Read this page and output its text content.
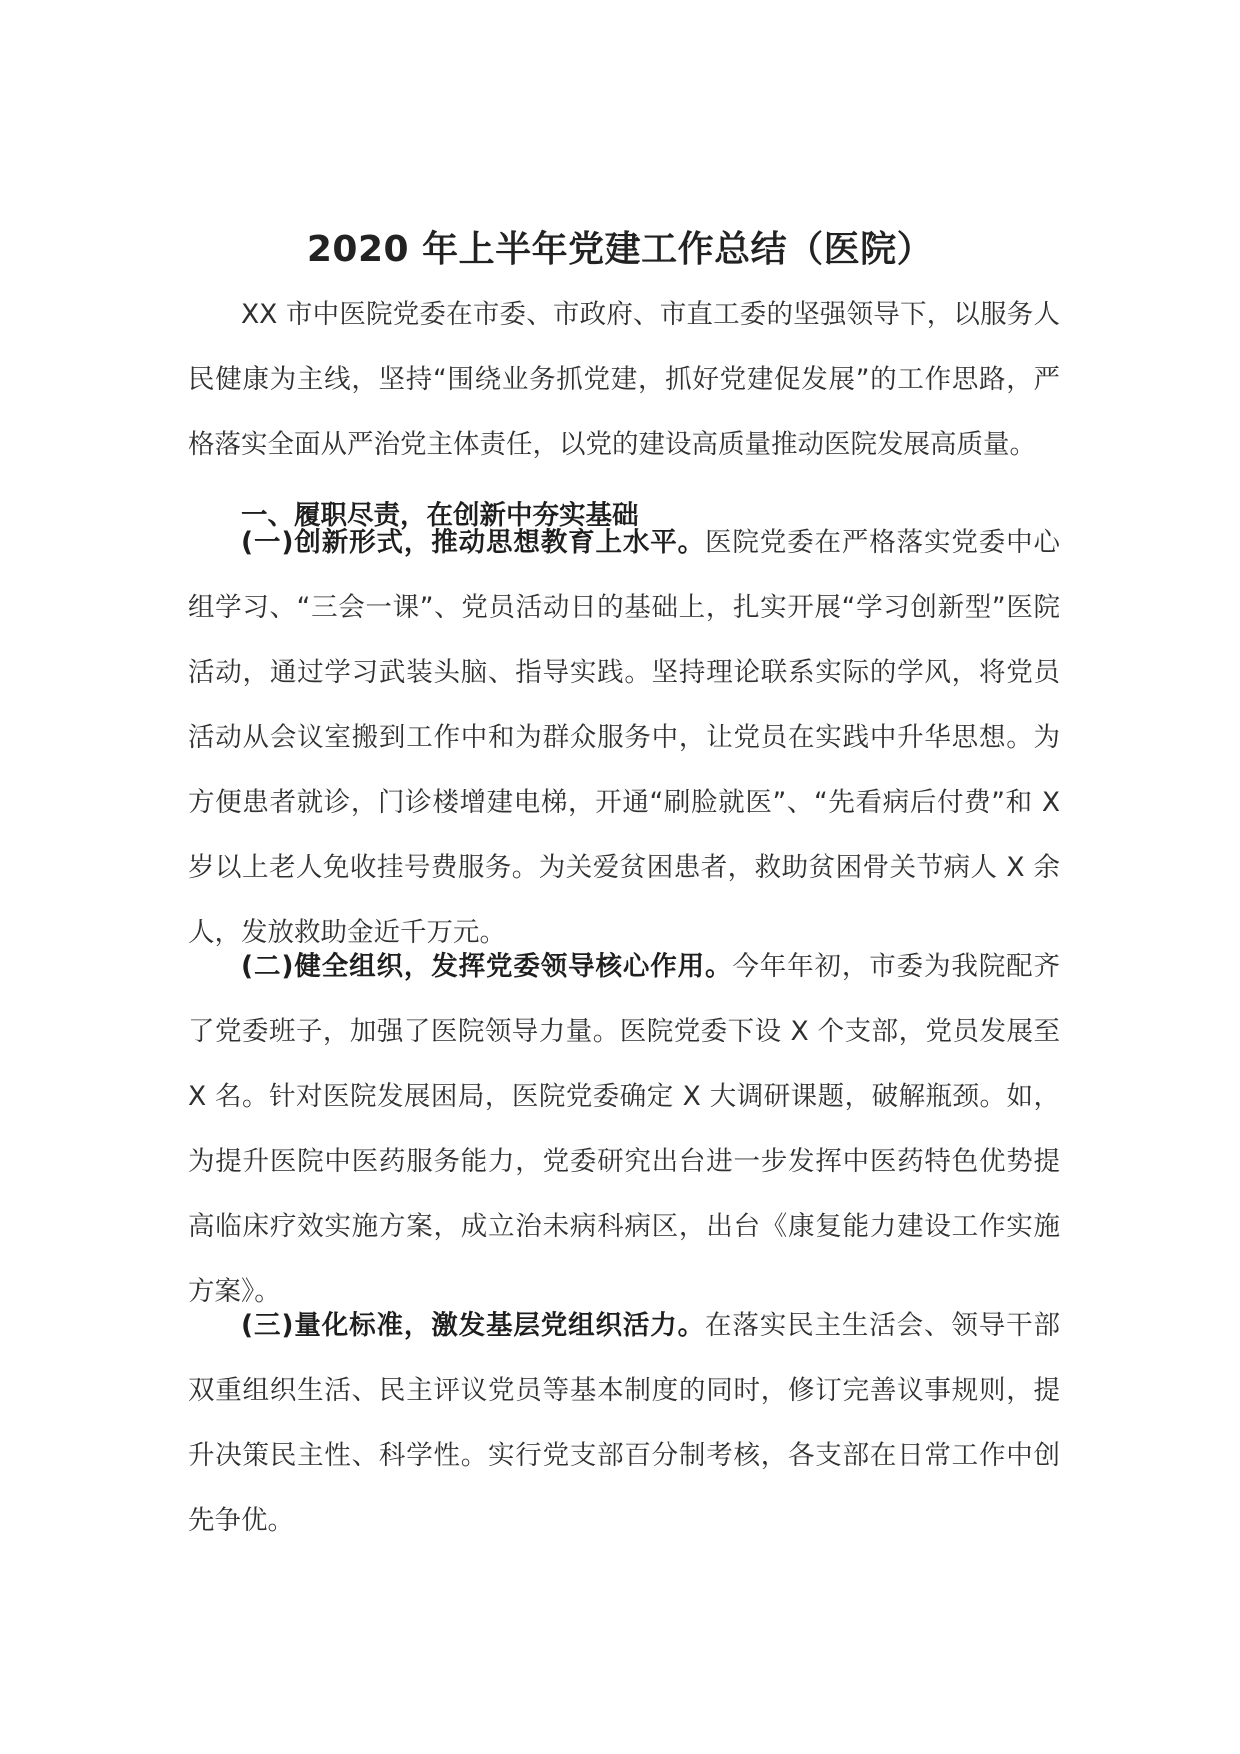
2020 年上半年党建工作总结（医院）

XX 市中医院党委在市委、市政府、市直工委的坚强领导下，以服务人民健康为主线，坚持“围绕业务抓党建，抓好党建促发展”的工作思路，严格落实全面从严治党主体责任，以党的建设高质量推动医院发展高质量。

一、履职尽责，在创新中夯实基础

(一)创新形式，推动思想教育上水平。医院党委在严格落实党委中心组学习、“三会一课”、党员活动日的基础上，扎实开展“学习创新型”医院活动，通过学习武装头脑、指导实践。坚持理论联系实际的学风，将党员活动从会议室搬到工作中和为群众服务中，让党员在实践中升华思想。为方便患者就诊，门诊楼增建电梯，开通“刷脸就医”、“先看病后付费”和 X 岁以上老人免收挂号费服务。为关爱贫困患者，救助贫困骨关节病人 X 余人，发放救助金近千万元。

(二)健全组织，发挥党委领导核心作用。今年年初，市委为我院配齐了党委班子，加强了医院领导力量。医院党委下设 X 个支部，党员发展至 X 名。针对医院发展困局，医院党委确定 X 大调研课题，破解瓶颈。如，为提升医院中医药服务能力，党委研究出台进一步发挥中医药特色优势提高临床疗效实施方案，成立治未病科病区，出台《康复能力建设工作实施方案》。

(三)量化标准，激发基层党组织活力。在落实民主生活会、领导干部双重组织生活、民主评议党员等基本制度的同时，修订完善议事规则，提升决策民主性、科学性。实行党支部百分制考核，各支部在日常工作中创先争优。
